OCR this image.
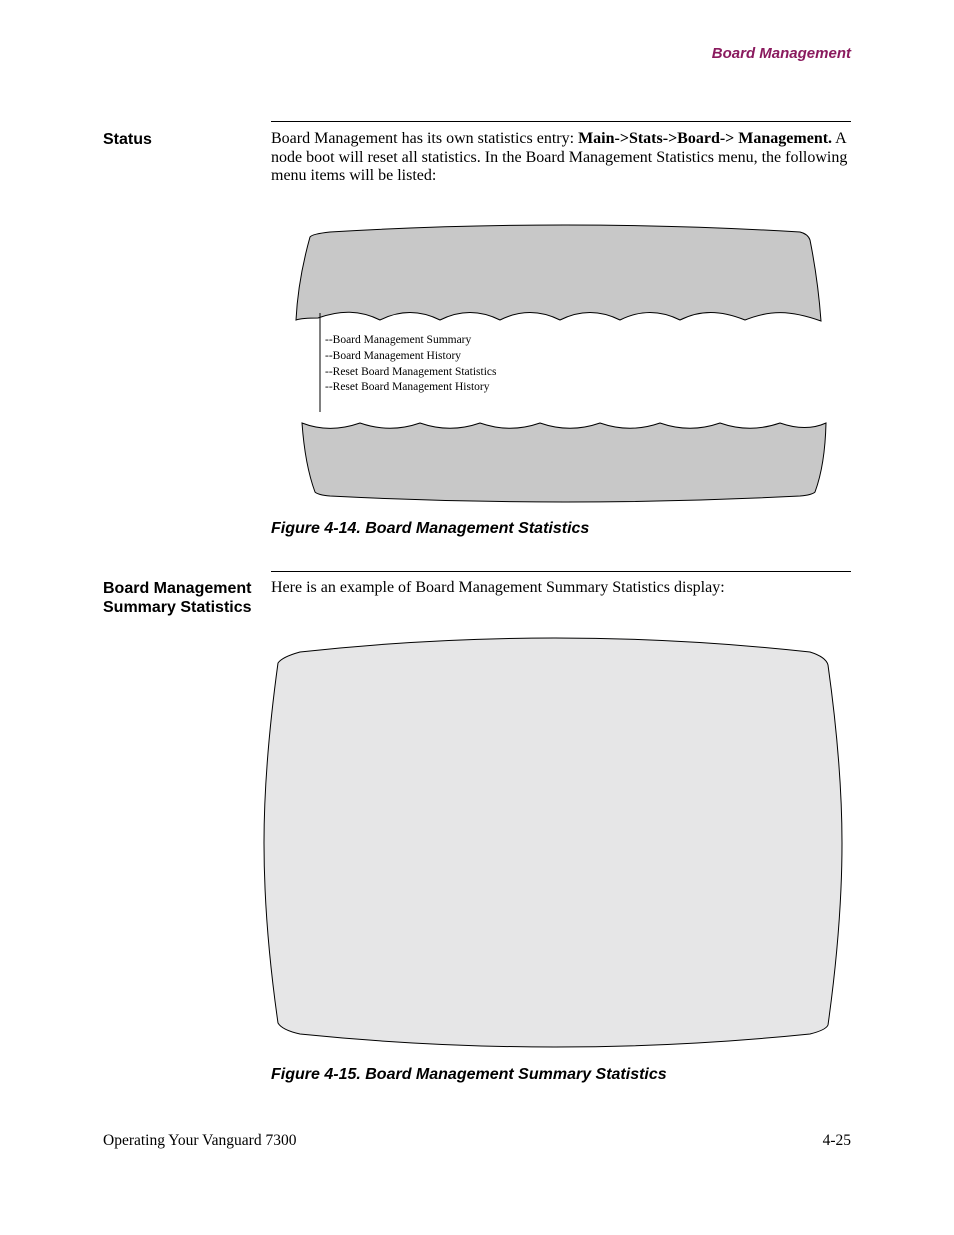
Board Management
Status	Board Management has its own statistics entry: Main->Stats->Board-> Management. A node boot will reset all statistics. In the Board Management Statistics menu, the following menu items will be listed:
--Board Management Summary
--Board Management History
--Reset Board Management Statistics
--Reset Board Management History
Figure 4-14. Board Management Statistics
Board Management
Summary Statistics
Here is an example of Board Management Summary Statistics display:
Figure 4-15. Board Management Summary Statistics
Operating Your Vanguard 7300	4-25
